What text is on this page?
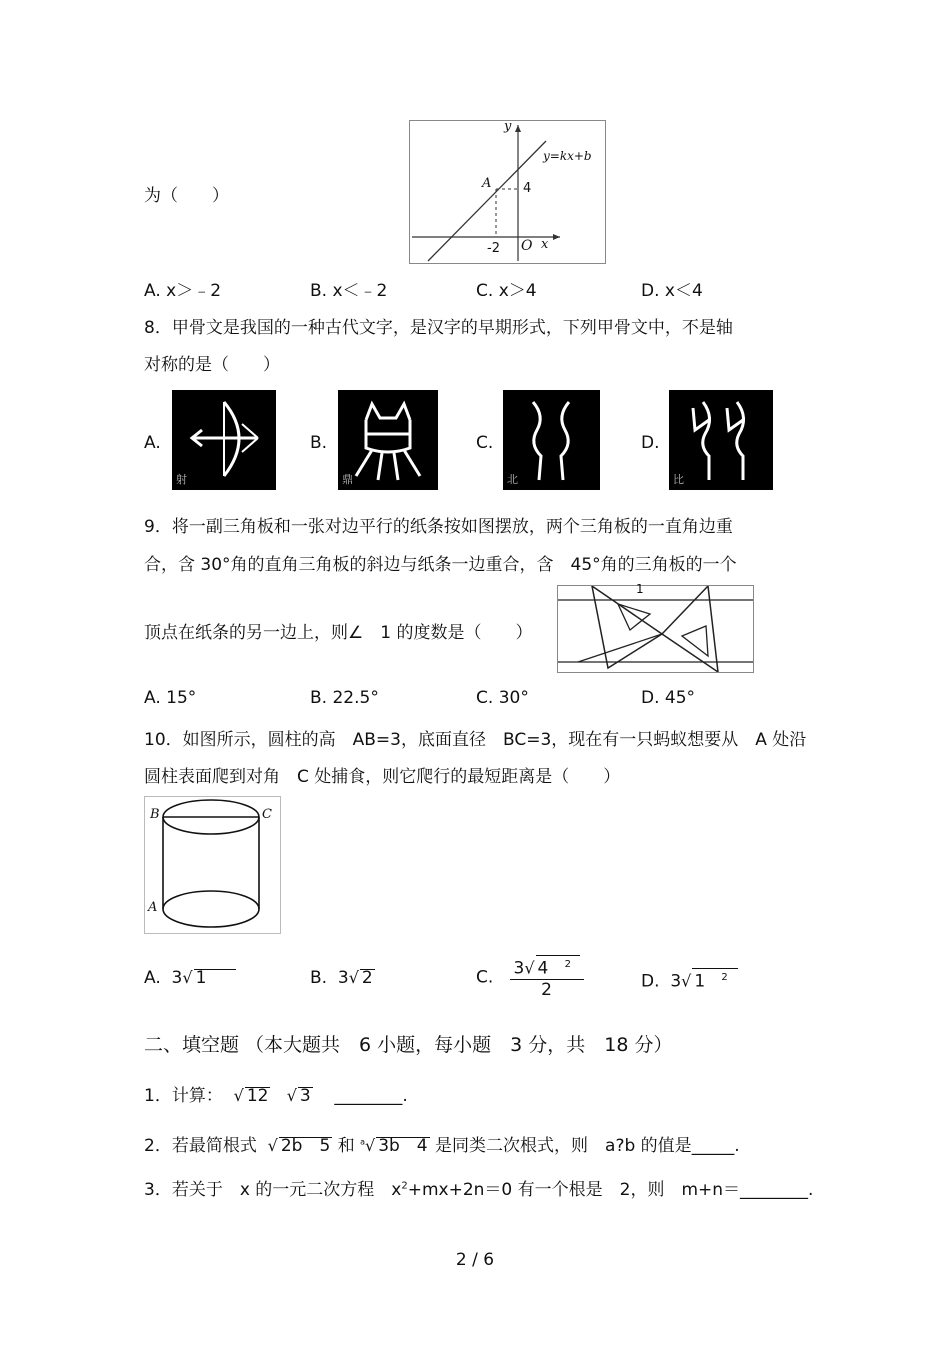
为（　　）
y
y=kx+b
A 4
-2 O x
A. x＞﹣2	B. x＜﹣2	C. x＞4	D. x＜4
8．甲骨文是我国的一种古代文字，是汉字的早期形式，下列甲骨文中，不是轴
对称的是（　　）
A.
射
B.
鼎
C.
北
D.
比
9．将一副三角板和一张对边平行的纸条按如图摆放，两个三角板的一直角边重
合，含 30°角的直角三角板的斜边与纸条一边重合，含　45°角的三角板的一个
顶点在纸条的另一边上，则∠　1 的度数是（　　）
1
A. 15°	B. 22.5°	C. 30°	D. 45°
10．如图所示，圆柱的高　AB=3，底面直径　BC=3，现在有一只蚂蚁想要从　A 处沿
圆柱表面爬到对角　C 处捕食，则它爬行的最短距离是（　　）
B	C
A
A. 3√ 1	B. 3√ 2	C. $\frac{3√ 4 ^2}{2}$	D. 3√ 1 $^2$
二、填空题 （本大题共　6 小题，每小题　3 分，共　18 分）
1．计算： √ 12 √ 3 ________.
2．若最简根式 √ 2b　5 和 $^a$√ 3b　4 是同类二次根式，则　a?b 的值是_____.
3．若关于　x 的一元二次方程　$x^2+mx+2n=0$ 有一个根是　2，则　m+n＝________.
2 / 6
